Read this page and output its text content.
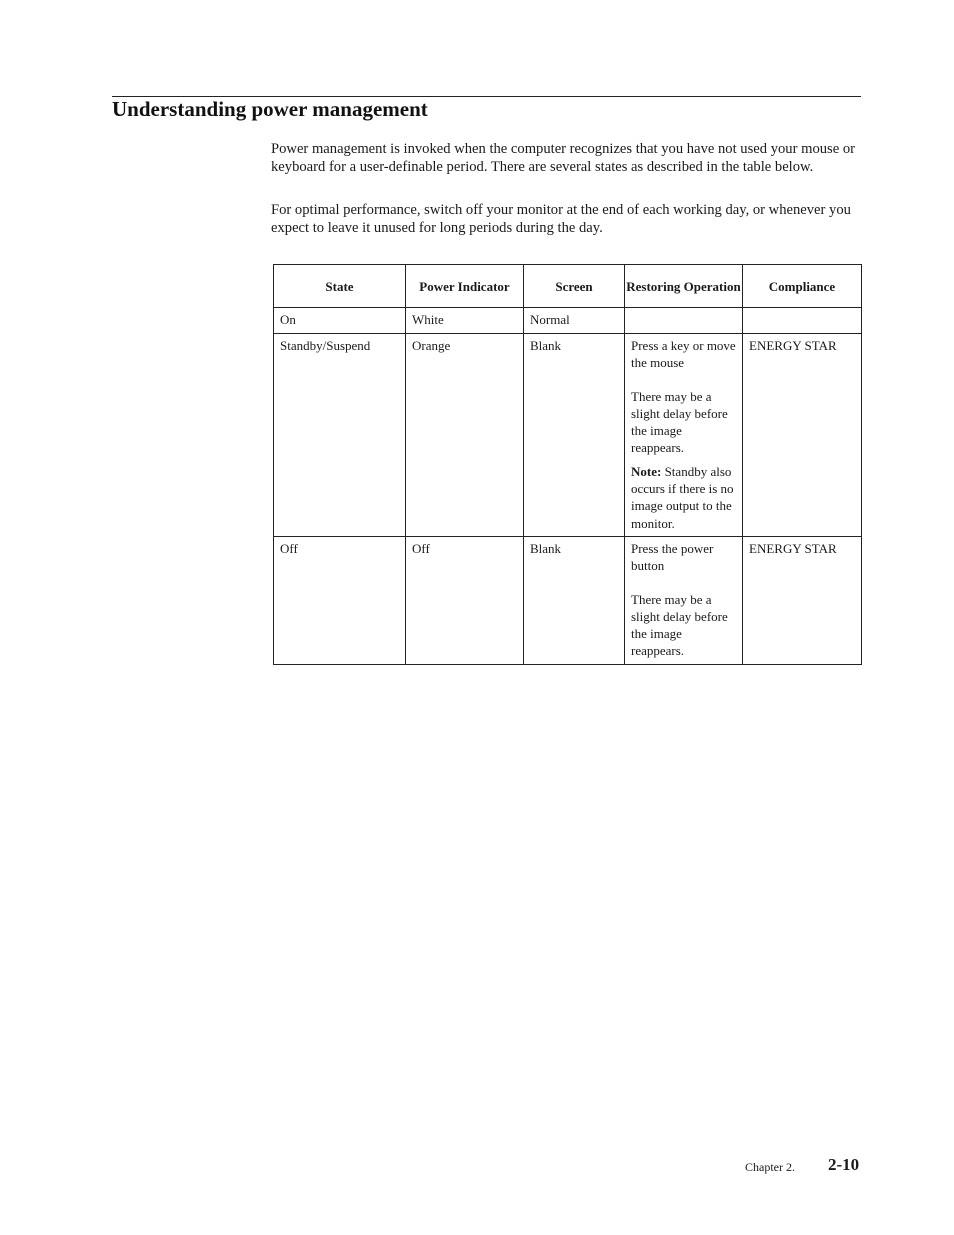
Understanding power management

Power management is invoked when the computer recognizes that you have not used your mouse or keyboard for a user-definable period. There are several states as described in the table below.

For optimal performance, switch off your monitor at the end of each working day, or whenever you expect to leave it unused for long periods during the day.

State	Power Indicator	Screen	Restoring Operation	Compliance
On	White	Normal		
Standby/Suspend	Orange	Blank	Press a key or move the mouse
There may be a slight delay before the image reappears.
Note: Standby also occurs if there is no image output to the monitor.	ENERGY STAR
Off	Off	Blank	Press the power button
There may be a slight delay before the image reappears.	ENERGY STAR
Chapter 2. 2-10
